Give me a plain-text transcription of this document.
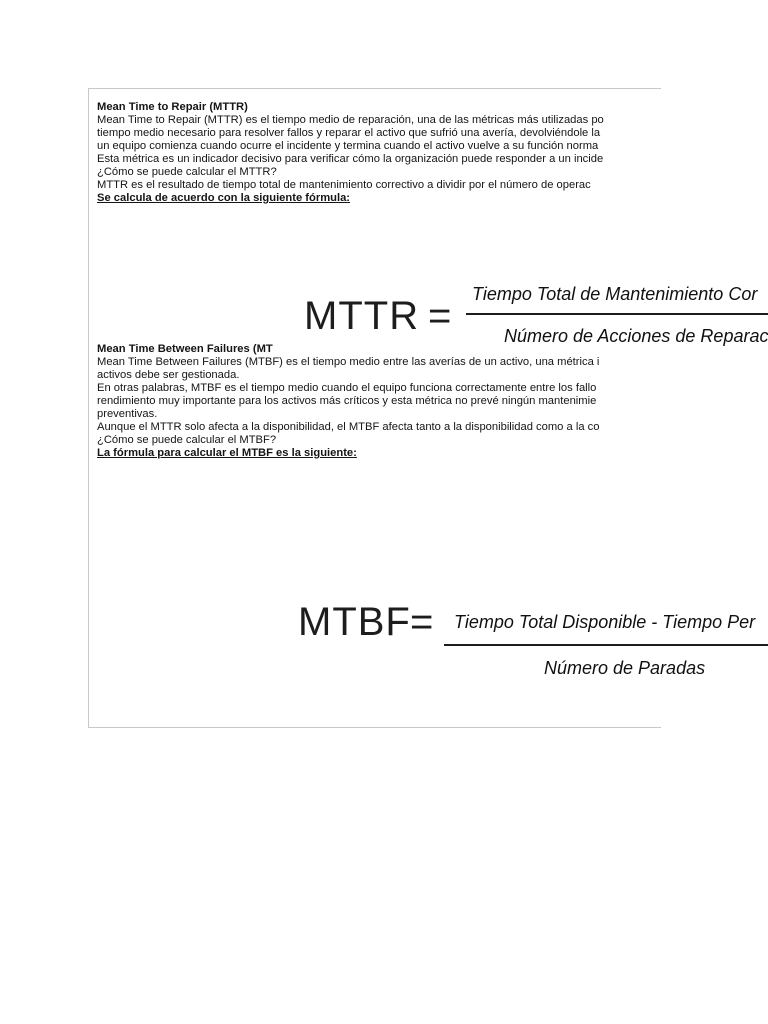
Mean Time to Repair (MTTR)
Mean Time to Repair (MTTR) es el tiempo medio de reparación, una de las métricas más utilizadas po
tiempo medio necesario para resolver fallos y reparar el activo que sufrió una avería, devolviéndole la
un equipo comienza cuando ocurre el incidente y termina cuando el activo vuelve a su función norma
Esta métrica es un indicador decisivo para verificar cómo la organización puede responder a un incide
¿Cómo se puede calcular el MTTR?
MTTR es el resultado de tiempo total de mantenimiento correctivo a dividir por el número de operac
Se calcula de acuerdo con la siguiente fórmula:
Mean Time Between Failures (MT
Mean Time Between Failures (MTBF) es el tiempo medio entre las averías de un activo, una métrica i
activos debe ser gestionada.
En otras palabras, MTBF es el tiempo medio cuando el equipo funciona correctamente entre los fallo
rendimiento muy importante para los activos más críticos y esta métrica no prevé ningún mantenimie
preventivas.
Aunque el MTTR solo afecta a la disponibilidad, el MTBF afecta tanto a la disponibilidad como a la co
¿Cómo se puede calcular el MTBF?
La fórmula para calcular el MTBF es la siguiente:
MTTR = Tiempo Total de Mantenimiento Cor
Número de Acciones de Reparac
MTBF = Tiempo Total Disponible - Tiempo Per
Número de Paradas
